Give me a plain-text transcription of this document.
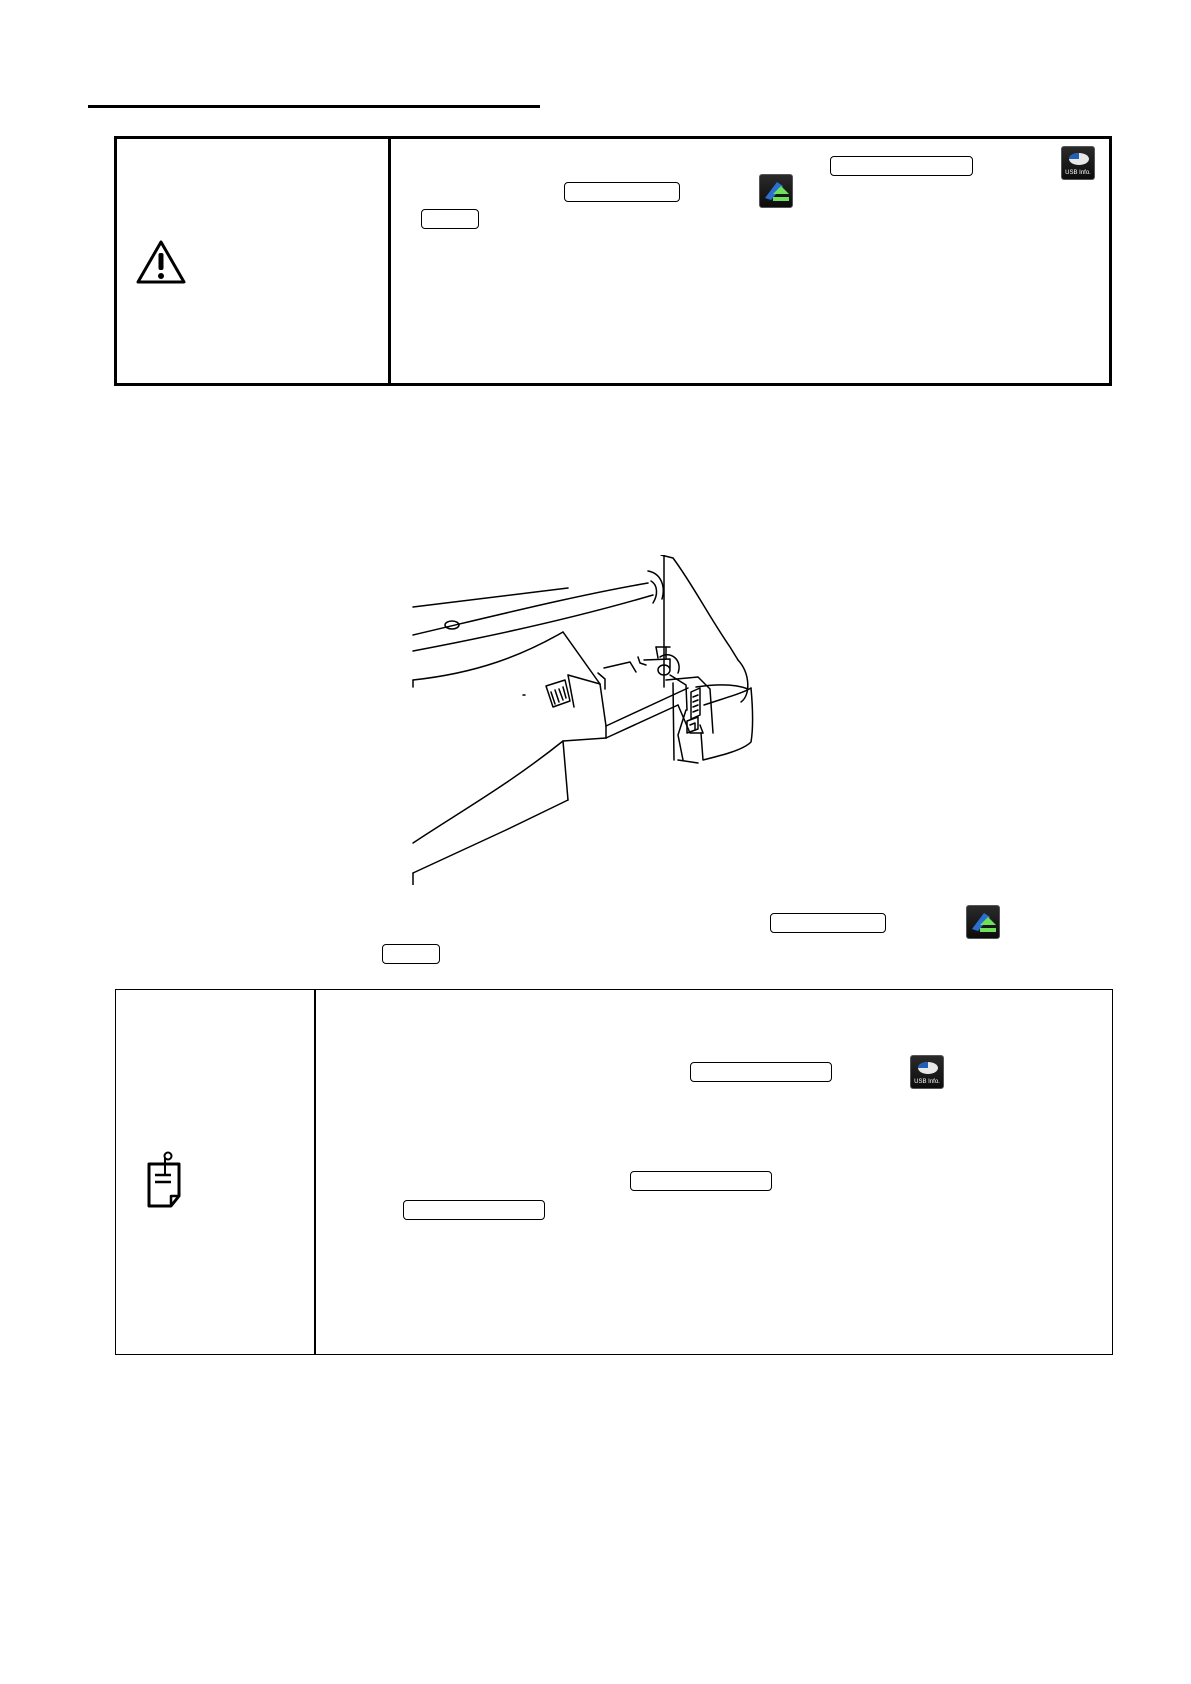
USB Info.
USB Info.
